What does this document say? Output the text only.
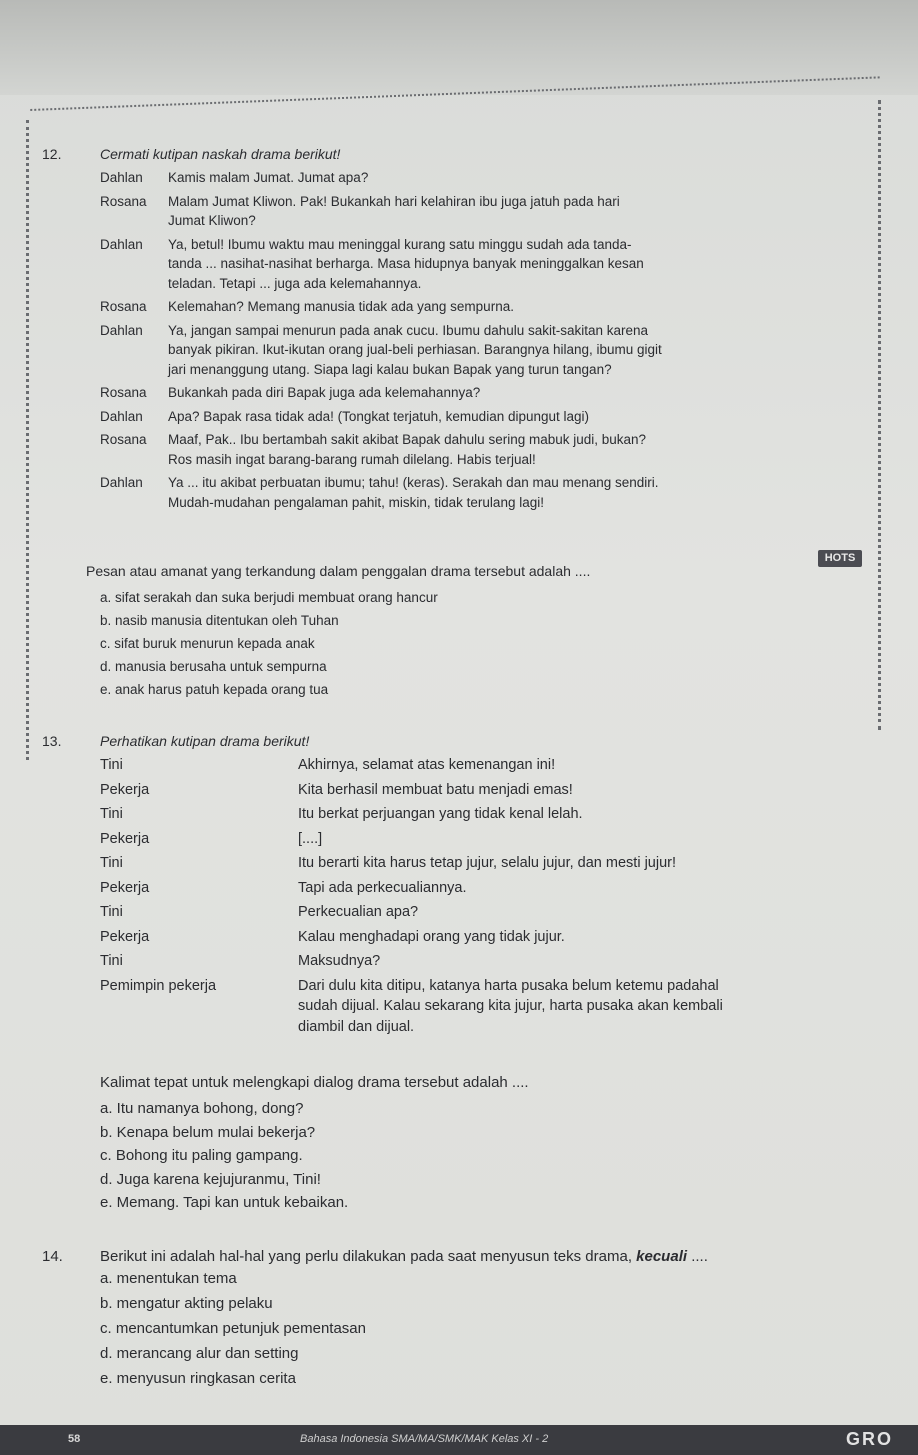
12.	Cermati kutipan naskah drama berikut!
Dahlan	Kamis malam Jumat. Jumat apa?
Rosana	Malam Jumat Kliwon. Pak! Bukankah hari kelahiran ibu juga jatuh pada hari
Jumat Kliwon?
Dahlan	Ya, betul! Ibumu waktu mau meninggal kurang satu minggu sudah ada tanda-
tanda ... nasihat-nasihat berharga. Masa hidupnya banyak meninggalkan kesan
teladan. Tetapi ... juga ada kelemahannya.
Rosana	Kelemahan? Memang manusia tidak ada yang sempurna.
Dahlan	Ya, jangan sampai menurun pada anak cucu. Ibumu dahulu sakit-sakitan karena
banyak pikiran. Ikut-ikutan orang jual-beli perhiasan. Barangnya hilang, ibumu gigit
jari menanggung utang. Siapa lagi kalau bukan Bapak yang turun tangan?
Rosana	Bukankah pada diri Bapak juga ada kelemahannya?
Dahlan	Apa? Bapak rasa tidak ada! (Tongkat terjatuh, kemudian dipungut lagi)
Rosana	Maaf, Pak.. Ibu bertambah sakit akibat Bapak dahulu sering mabuk judi, bukan?
Ros masih ingat barang-barang rumah dilelang. Habis terjual!
Dahlan	Ya ... itu akibat perbuatan ibumu; tahu! (keras). Serakah dan mau menang sendiri.
Mudah-mudahan pengalaman pahit, miskin, tidak terulang lagi!
Pesan atau amanat yang terkandung dalam penggalan drama tersebut adalah ....
HOTS
a. sifat serakah dan suka berjudi membuat orang hancur
b. nasib manusia ditentukan oleh Tuhan
c. sifat buruk menurun kepada anak
d. manusia berusaha untuk sempurna
e. anak harus patuh kepada orang tua
13.	Perhatikan kutipan drama berikut!
Tini	Akhirnya, selamat atas kemenangan ini!
Pekerja	Kita berhasil membuat batu menjadi emas!
Tini	Itu berkat perjuangan yang tidak kenal lelah.
Pekerja	[....]
Tini	Itu berarti kita harus tetap jujur, selalu jujur, dan mesti jujur!
Pekerja	Tapi ada perkecualiannya.
Tini	Perkecualian apa?
Pekerja	Kalau menghadapi orang yang tidak jujur.
Tini	Maksudnya?
Pemimpin pekerja	Dari dulu kita ditipu, katanya harta pusaka belum ketemu padahal
sudah dijual. Kalau sekarang kita jujur, harta pusaka akan kembali
diambil dan dijual.
Kalimat tepat untuk melengkapi dialog drama tersebut adalah ....
a. Itu namanya bohong, dong?
b. Kenapa belum mulai bekerja?
c. Bohong itu paling gampang.
d. Juga karena kejujuranmu, Tini!
e. Memang. Tapi kan untuk kebaikan.
14. Berikut ini adalah hal-hal yang perlu dilakukan pada saat menyusun teks drama, kecuali ....
a. menentukan tema
b. mengatur akting pelaku
c. mencantumkan petunjuk pementasan
d. merancang alur dan setting
e. menyusun ringkasan cerita
58	Bahasa Indonesia SMA/MA/SMK/MAK Kelas XI - 2	GRO
